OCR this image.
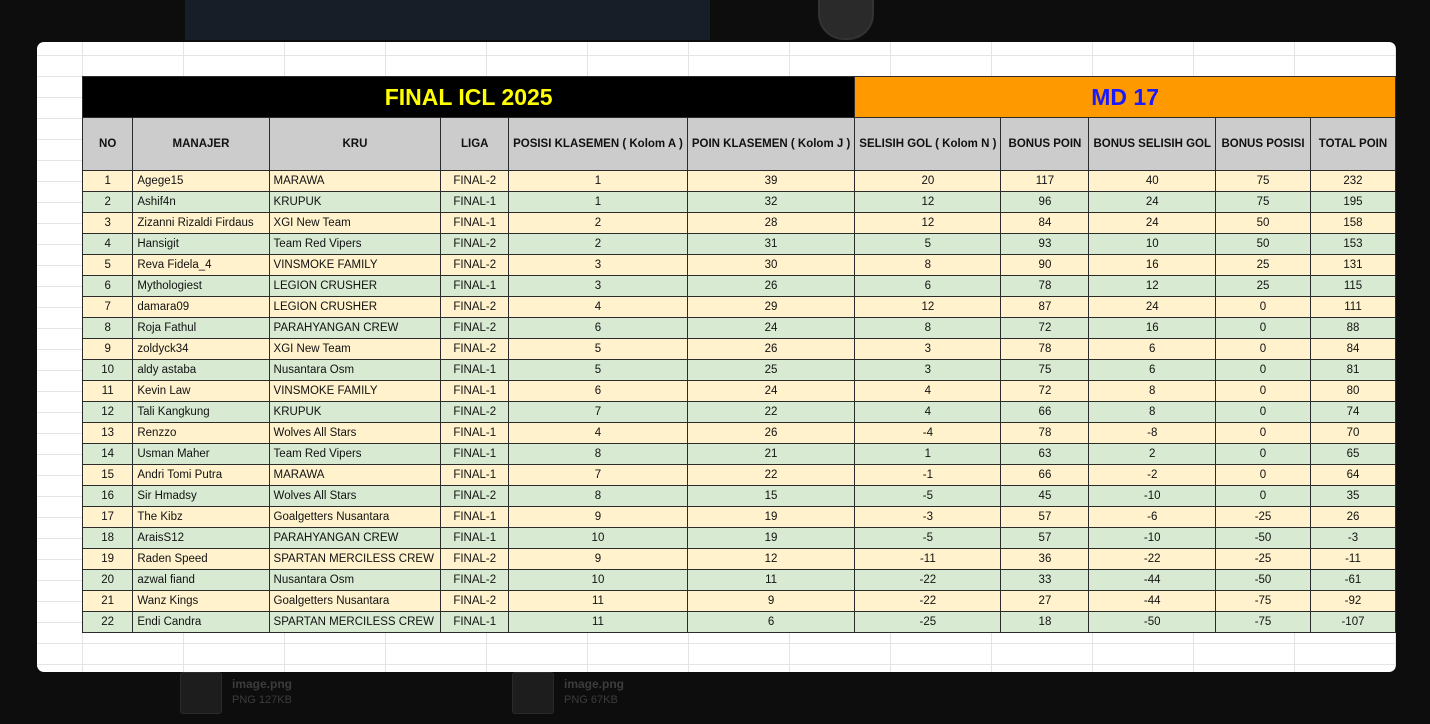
image.png
PNG 127KB
image.png
PNG 67KB
FINAL ICL 2025						MD 17				
NO	MANAJER	KRU	LIGA	POSISI KLASEMEN ( Kolom A )	POIN KLASEMEN ( Kolom J )	SELISIH GOL ( Kolom N )	BONUS POIN	BONUS SELISIH GOL	BONUS POSISI	TOTAL POIN
1	Agege15	MARAWA	FINAL-2	1	39	20	117	40	75	232
2	Ashif4n	KRUPUK	FINAL-1	1	32	12	96	24	75	195
3	Zizanni Rizaldi Firdaus	XGI New Team	FINAL-1	2	28	12	84	24	50	158
4	Hansigit	Team Red Vipers	FINAL-2	2	31	5	93	10	50	153
5	Reva Fidela_4	VINSMOKE FAMILY	FINAL-2	3	30	8	90	16	25	131
6	Mythologiest	LEGION CRUSHER	FINAL-1	3	26	6	78	12	25	115
7	damara09	LEGION CRUSHER	FINAL-2	4	29	12	87	24	0	111
8	Roja Fathul	PARAHYANGAN CREW	FINAL-2	6	24	8	72	16	0	88
9	zoldyck34	XGI New Team	FINAL-2	5	26	3	78	6	0	84
10	aldy astaba	Nusantara Osm	FINAL-1	5	25	3	75	6	0	81
11	Kevin Law	VINSMOKE FAMILY	FINAL-1	6	24	4	72	8	0	80
12	Tali Kangkung	KRUPUK	FINAL-2	7	22	4	66	8	0	74
13	Renzzo	Wolves All Stars	FINAL-1	4	26	-4	78	-8	0	70
14	Usman Maher	Team Red Vipers	FINAL-1	8	21	1	63	2	0	65
15	Andri Tomi Putra	MARAWA	FINAL-1	7	22	-1	66	-2	0	64
16	Sir Hmadsy	Wolves All Stars	FINAL-2	8	15	-5	45	-10	0	35
17	The Kibz	Goalgetters Nusantara	FINAL-1	9	19	-3	57	-6	-25	26
18	AraisS12	PARAHYANGAN CREW	FINAL-1	10	19	-5	57	-10	-50	-3
19	Raden Speed	SPARTAN MERCILESS CREW	FINAL-2	9	12	-11	36	-22	-25	-11
20	azwal fiand	Nusantara Osm	FINAL-2	10	11	-22	33	-44	-50	-61
21	Wanz Kings	Goalgetters Nusantara	FINAL-2	11	9	-22	27	-44	-75	-92
22	Endi Candra	SPARTAN MERCILESS CREW	FINAL-1	11	6	-25	18	-50	-75	-107
